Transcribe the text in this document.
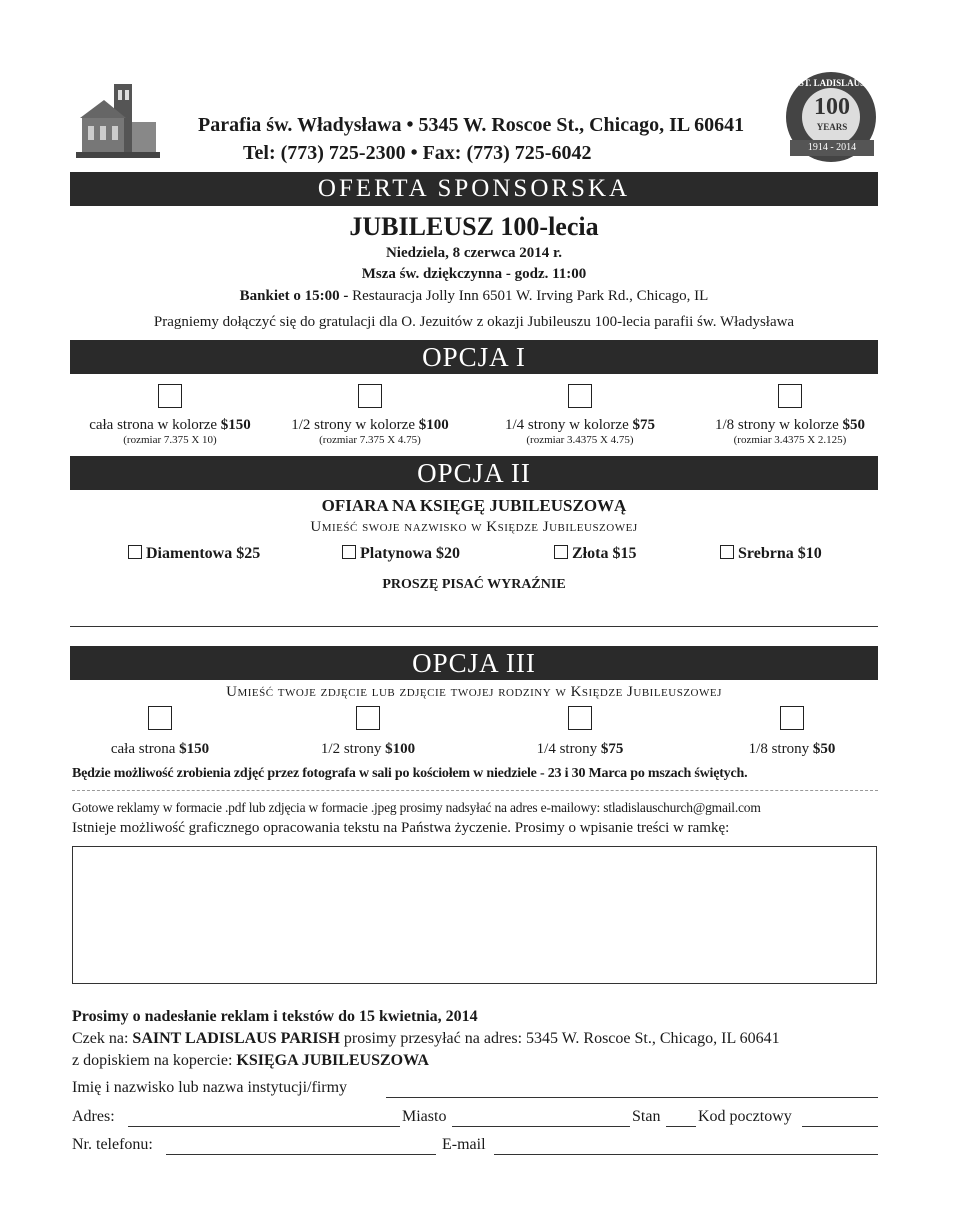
Parafia św. Władysława • 5345 W. Roscoe St., Chicago, IL 60641
Tel: (773) 725-2300 • Fax: (773) 725-6042
ST. LADISLAUS
100
YEARS
1914 - 2014
OFERTA SPONSORSKA
JUBILEUSZ 100-lecia
Niedziela, 8 czerwca 2014 r.
Msza św. dziękczynna - godz. 11:00
Bankiet o 15:00 - Restauracja Jolly Inn 6501 W. Irving Park Rd., Chicago, IL
Pragniemy dołączyć się do gratulacji dla O. Jezuitów z okazji Jubileuszu 100-lecia parafii św. Władysława
OPCJA I
cała strona w kolorze $150
(rozmiar 7.375 X 10)
1/2 strony w kolorze $100
(rozmiar 7.375 X 4.75)
1/4 strony w kolorze $75
(rozmiar 3.4375 X 4.75)
1/8 strony w kolorze $50
(rozmiar 3.4375 X 2.125)
OPCJA II
OFIARA NA KSIĘGĘ JUBILEUSZOWĄ
Umieść swoje nazwisko w Księdze Jubileuszowej
Diamentowa $25	Platynowa $20	Złota $15	Srebrna $10
PROSZĘ PISAĆ WYRAŹNIE
OPCJA III
Umieść twoje zdjęcie lub zdjęcie twojej rodziny w Księdze Jubileuszowej
cała strona $150	1/2 strony $100	1/4 strony $75	1/8 strony $50
Będzie możliwość zrobienia zdjęć przez fotografa w sali po kościołem w niedziele - 23 i 30 Marca po mszach świętych.
Gotowe reklamy w formacie .pdf lub zdjęcia w formacie .jpeg prosimy nadsyłać na adres e-mailowy: stladislauschurch@gmail.com
Istnieje możliwość graficznego opracowania tekstu na Państwa życzenie. Prosimy o wpisanie treści w ramkę:
Prosimy o nadesłanie reklam i tekstów do 15 kwietnia, 2014
Czek na: SAINT LADISLAUS PARISH prosimy przesyłać na adres: 5345 W. Roscoe St., Chicago, IL 60641
z dopiskiem na kopercie: KSIĘGA JUBILEUSZOWA
Imię i nazwisko lub nazwa instytucji/firmy
Adres:	Miasto	Stan Kod pocztowy
Nr. telefonu:	E-mail
